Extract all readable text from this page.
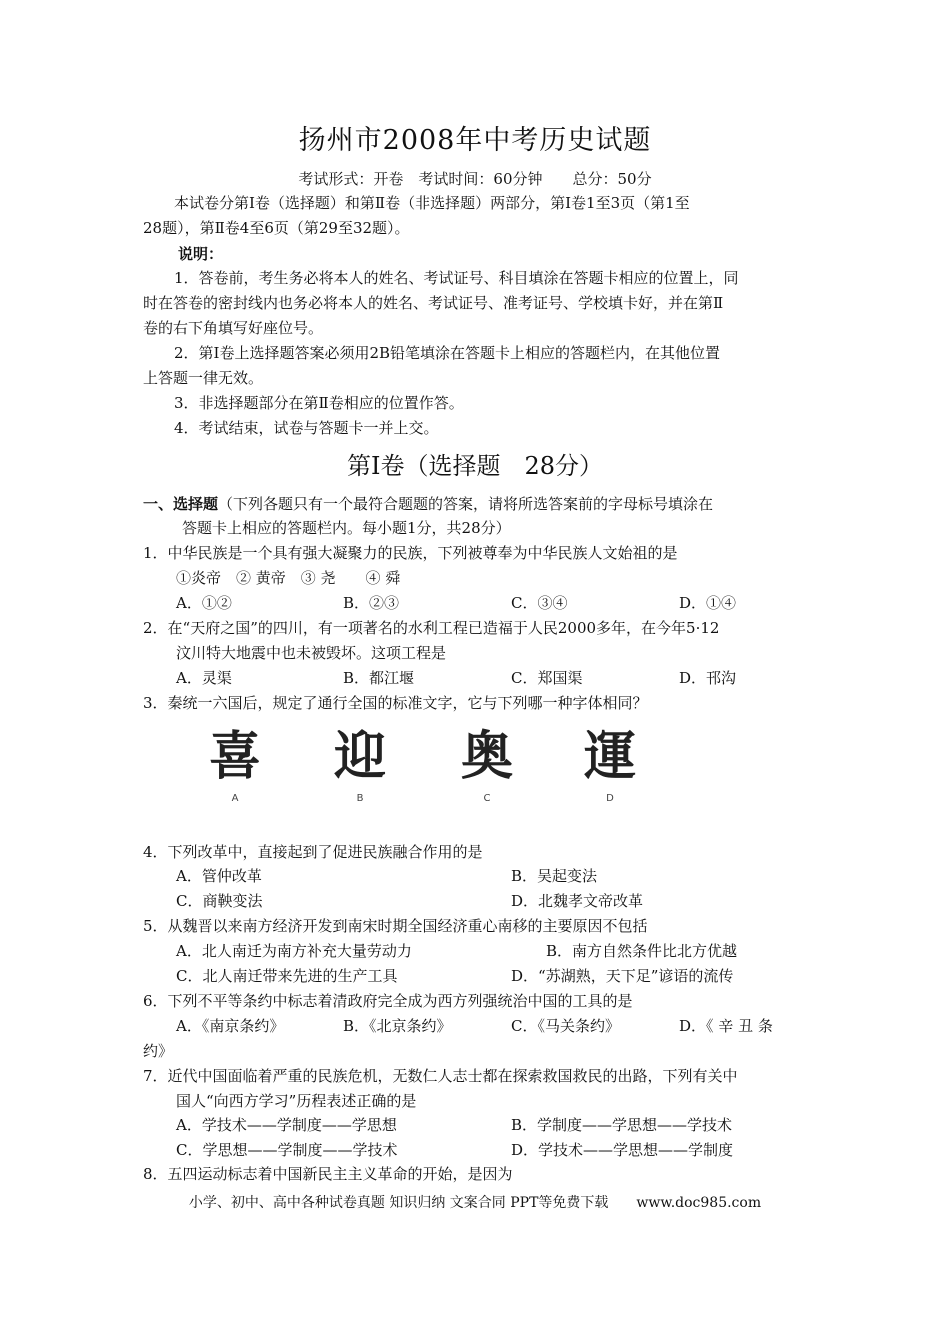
扬州市2008年中考历史试题
考试形式：开卷　考试时间：60分钟　　总分：50分
本试卷分第Ⅰ卷（选择题）和第Ⅱ卷（非选择题）两部分，第Ⅰ卷1至3页（第1至
28题），第Ⅱ卷4至6页（第29至32题）。
说明：
1．答卷前，考生务必将本人的姓名、考试证号、科目填涂在答题卡相应的位置上，同
时在答卷的密封线内也务必将本人的姓名、考试证号、准考证号、学校填卡好，并在第Ⅱ
卷的右下角填写好座位号。
2．第Ⅰ卷上选择题答案必须用2B铅笔填涂在答题卡上相应的答题栏内，在其他位置
上答题一律无效。
3．非选择题部分在第Ⅱ卷相应的位置作答。
4．考试结束，试卷与答题卡一并上交。
第Ⅰ卷（选择题　28分）
一、选择题（下列各题只有一个最符合题题的答案，请将所选答案前的字母标号填涂在
答题卡上相应的答题栏内。每小题1分，共28分）
1．中华民族是一个具有强大凝聚力的民族，下列被尊奉为中华民族人文始祖的是
①炎帝　② 黄帝　③ 尧　　④ 舜
A．①②	B．②③	C．③④	D．①④
2．在“天府之国”的四川，有一项著名的水利工程已造福于人民2000多年，在今年5·12
汶川特大地震中也未被毁坏。这项工程是
A．灵渠	B．都江堰	C．郑国渠	D．邗沟
3．秦统一六国后，规定了通行全国的标准文字，它与下列哪一种字体相同？
喜
A
迎
B
奥
C
運
D
4．下列改革中，直接起到了促进民族融合作用的是
A．管仲改革	B．吴起变法
C．商鞅变法	D．北魏孝文帝改革
5．从魏晋以来南方经济开发到南宋时期全国经济重心南移的主要原因不包括
A．北人南迁为南方补充大量劳动力	B．南方自然条件比北方优越
C．北人南迁带来先进的生产工具	D．“苏湖熟，天下足”谚语的流传
6．下列不平等条约中标志着清政府完全成为西方列强统治中国的工具的是
A．《南京条约》	B．《北京条约》	C．《马关条约》	D．《 辛 丑 条
约》
7．近代中国面临着严重的民族危机，无数仁人志士都在探索救国救民的出路，下列有关中
国人“向西方学习”历程表述正确的是
A．学技术——学制度——学思想	B．学制度——学思想——学技术
C．学思想——学制度——学技术	D．学技术——学思想——学制度
8．五四运动标志着中国新民主主义革命的开始，是因为
小学、初中、高中各种试卷真题 知识归纳 文案合同 PPT等免费下载　　www.doc985.com
